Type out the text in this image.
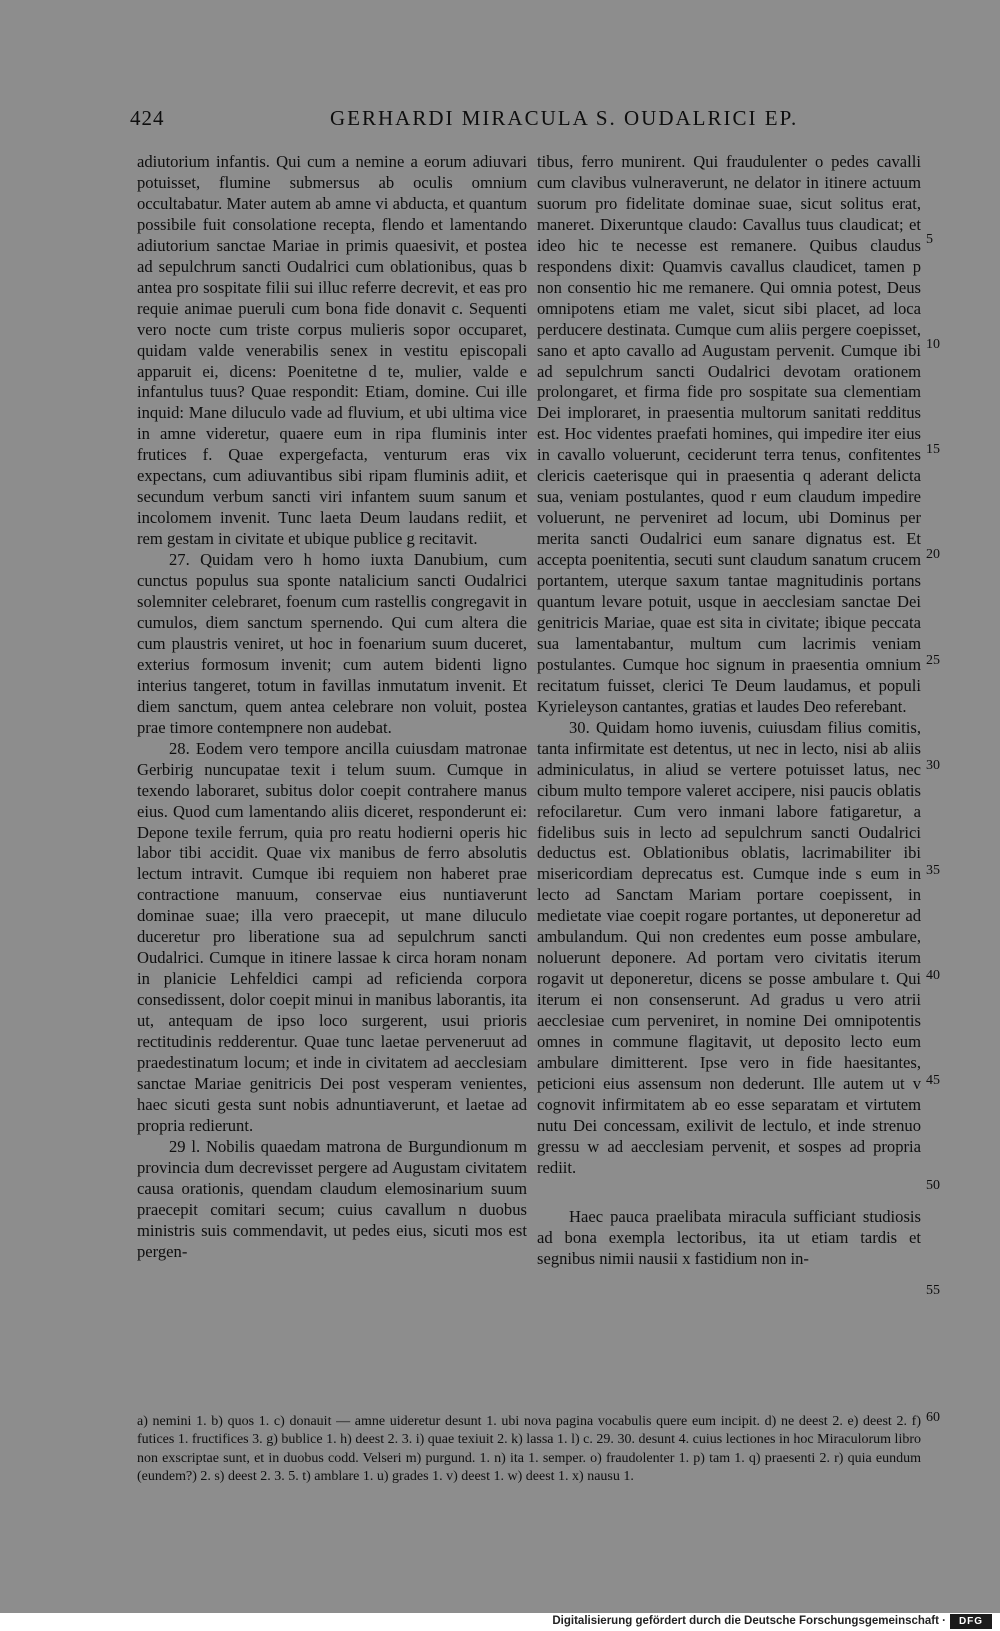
424	GERHARDI MIRACULA S. OUDALRICI EP.

adiutorium infantis. Qui cum a nemine a eorum adiuvari potuisset, flumine submersus ab oculis omnium occultabatur. Mater autem ab amne vi abducta, et quantum possibile fuit consolatione recepta, flendo et lamentando adiutorium sanctae Mariae in primis quaesivit, et postea ad sepulchrum sancti Oudalrici cum oblationibus, quas b antea pro sospitate filii sui illuc referre decrevit, et eas pro requie animae pueruli cum bona fide donavit c. Sequenti vero nocte cum triste corpus mulieris sopor occuparet, quidam valde venerabilis senex in vestitu episcopali apparuit ei, dicens: Poenitetne d te, mulier, valde e infantulus tuus? Quae respondit: Etiam, domine. Cui ille inquid: Mane diluculo vade ad fluvium, et ubi ultima vice in amne videretur, quaere eum in ripa fluminis inter frutices f. Quae expergefacta, venturum eras vix expectans, cum adiuvantibus sibi ripam fluminis adiit, et secundum verbum sancti viri infantem suum sanum et incolomem invenit. Tunc laeta Deum laudans rediit, et rem gestam in civitate et ubique publice g recitavit.

27. Quidam vero h homo iuxta Danubium, cum cunctus populus sua sponte natalicium sancti Oudalrici solemniter celebraret, foenum cum rastellis congregavit in cumulos, diem sanctum spernendo. Qui cum altera die cum plaustris veniret, ut hoc in foenarium suum duceret, exterius formosum invenit; cum autem bidenti ligno interius tangeret, totum in favillas inmutatum invenit. Et diem sanctum, quem antea celebrare non voluit, postea prae timore contempnere non audebat.

28. Eodem vero tempore ancilla cuiusdam matronae Gerbirig nuncupatae texit i telum suum. Cumque in texendo laboraret, subitus dolor coepit contrahere manus eius. Quod cum lamentando aliis diceret, responderunt ei: Depone texile ferrum, quia pro reatu hodierni operis hic labor tibi accidit. Quae vix manibus de ferro absolutis lectum intravit. Cumque ibi requiem non haberet prae contractione manuum, conservae eius nuntiaverunt dominae suae; illa vero praecepit, ut mane diluculo duceretur pro liberatione sua ad sepulchrum sancti Oudalrici. Cumque in itinere lassae k circa horam nonam in planicie Lehfeldici campi ad reficienda corpora consedissent, dolor coepit minui in manibus laborantis, ita ut, antequam de ipso loco surgerent, usui prioris rectitudinis redderentur. Quae tunc laetae perveneruut ad praedestinatum locum; et inde in civitatem ad aecclesiam sanctae Mariae genitricis Dei post vesperam venientes, haec sicuti gesta sunt nobis adnuntiaverunt, et laetae ad propria redierunt.

29 l. Nobilis quaedam matrona de Burgundionum m provincia dum decrevisset pergere ad Augustam civitatem causa orationis, quendam claudum elemosinarium suum praecepit comitari secum; cuius cavallum n duobus ministris suis commendavit, ut pedes eius, sicuti mos est pergen-

tibus, ferro munirent. Qui fraudulenter o pedes cavalli cum clavibus vulneraverunt, ne delator in itinere actuum suorum pro fidelitate dominae suae, sicut solitus erat, maneret. Dixeruntque claudo: Cavallus tuus claudicat; et ideo hic te necesse est remanere. Quibus claudus respondens dixit: Quamvis cavallus claudicet, tamen p non consentio hic me remanere. Qui omnia potest, Deus omnipotens etiam me valet, sicut sibi placet, ad loca perducere destinata. Cumque cum aliis pergere coepisset, sano et apto cavallo ad Augustam pervenit. Cumque ibi ad sepulchrum sancti Oudalrici devotam orationem prolongaret, et firma fide pro sospitate sua clementiam Dei imploraret, in praesentia multorum sanitati redditus est. Hoc videntes praefati homines, qui impedire iter eius in cavallo voluerunt, ceciderunt terra tenus, confitentes clericis caeterisque qui in praesentia q aderant delicta sua, veniam postulantes, quod r eum claudum impedire voluerunt, ne perveniret ad locum, ubi Dominus per merita sancti Oudalrici eum sanare dignatus est. Et accepta poenitentia, secuti sunt claudum sanatum crucem portantem, uterque saxum tantae magnitudinis portans quantum levare potuit, usque in aecclesiam sanctae Dei genitricis Mariae, quae est sita in civitate; ibique peccata sua lamentabantur, multum cum lacrimis veniam postulantes. Cumque hoc signum in praesentia omnium recitatum fuisset, clerici Te Deum laudamus, et populi Kyrieleyson cantantes, gratias et laudes Deo referebant.

30. Quidam homo iuvenis, cuiusdam filius comitis, tanta infirmitate est detentus, ut nec in lecto, nisi ab aliis adminiculatus, in aliud se vertere potuisset latus, nec cibum multo tempore valeret accipere, nisi paucis oblatis refocilaretur. Cum vero inmani labore fatigaretur, a fidelibus suis in lecto ad sepulchrum sancti Oudalrici deductus est. Oblationibus oblatis, lacrimabiliter ibi misericordiam deprecatus est. Cumque inde s eum in lecto ad Sanctam Mariam portare coepissent, in medietate viae coepit rogare portantes, ut deponeretur ad ambulandum. Qui non credentes eum posse ambulare, noluerunt deponere. Ad portam vero civitatis iterum rogavit ut deponeretur, dicens se posse ambulare t. Qui iterum ei non consenserunt. Ad gradus u vero atrii aecclesiae cum perveniret, in nomine Dei omnipotentis omnes in commune flagitavit, ut deposito lecto eum ambulare dimitterent. Ipse vero in fide haesitantes, peticioni eius assensum non dederunt. Ille autem ut v cognovit infirmitatem ab eo esse separatam et virtutem nutu Dei concessam, exilivit de lectulo, et inde strenuo gressu w ad aecclesiam pervenit, et sospes ad propria rediit.

Haec pauca praelibata miracula sufficiant studiosis ad bona exempla lectoribus, ita ut etiam tardis et segnibus nimii nausii x fastidium non in-

5
10
15
20
25
30
35
40
45
50
55
60

a) nemini 1. b) quos 1. c) donauit — amne uideretur desunt 1. ubi nova pagina vocabulis quere eum incipit. d) ne deest 2. e) deest 2. f) futices 1. fructifices 3. g) bublice 1. h) deest 2. 3. i) quae texiuit 2. k) lassa 1. l) c. 29. 30. desunt 4. cuius lectiones in hoc Miraculorum libro non exscriptae sunt, et in duobus codd. Velseri m) purgund. 1. n) ita 1. semper. o) fraudolenter 1. p) tam 1. q) praesenti 2. r) quia eundum (eundem?) 2. s) deest 2. 3. 5. t) amblare 1. u) grades 1. v) deest 1. w) deest 1. x) nausu 1.

Digitalisierung gefördert durch die Deutsche Forschungsgemeinschaft ·	DFG
